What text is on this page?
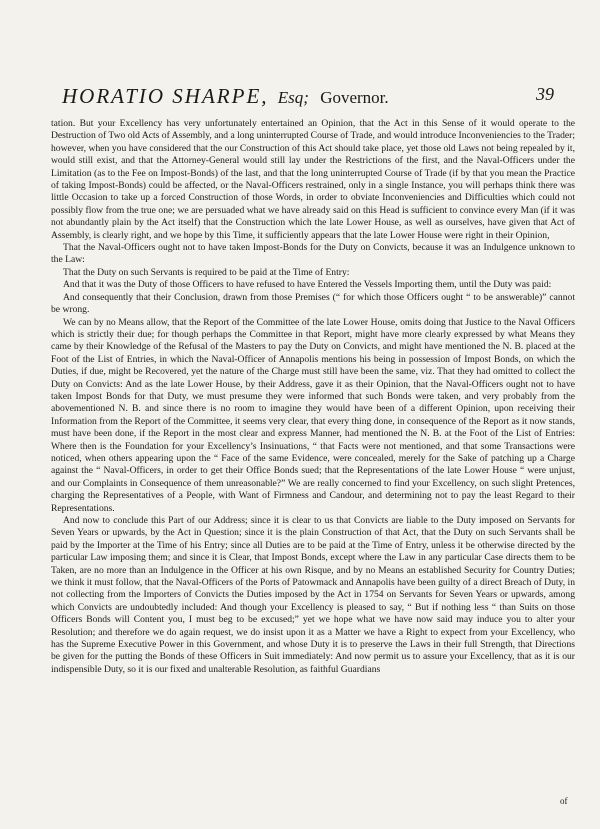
HORATIO SHARPE, Esq; Governor.	39

tation. But your Excellency has very unfortunately entertained an Opinion, that the Act in this Sense of it would operate to the Destruction of Two old Acts of Assembly, and a long uninterrupted Course of Trade, and would introduce Inconveniencies to the Trader; however, when you have considered that the our Construction of this Act should take place, yet those old Laws not being repealed by it, would still exist, and that the Attorney-General would still lay under the Restrictions of the first, and the Naval-Officers under the Limitation (as to the Fee on Impost-Bonds) of the last, and that the long uninterrupted Course of Trade (if by that you mean the Practice of taking Impost-Bonds) could be affected, or the Naval-Officers restrained, only in a single Instance, you will perhaps think there was little Occasion to take up a forced Construction of those Words, in order to obviate Inconveniencies and Difficulties which could not possibly flow from the true one; we are persuaded what we have already said on this Head is sufficient to convince every Man (if it was not abundantly plain by the Act itself) that the Construction which the late Lower House, as well as ourselves, have given that Act of Assembly, is clearly right, and we hope by this Time, it sufficiently appears that the late Lower House were right in their Opinion,

That the Naval-Officers ought not to have taken Impost-Bonds for the Duty on Convicts, because it was an Indulgence unknown to the Law:

That the Duty on such Servants is required to be paid at the Time of Entry:

And that it was the Duty of those Officers to have refused to have Entered the Vessels Importing them, until the Duty was paid:

And consequently that their Conclusion, drawn from those Premises (“ for which those Officers ought “ to be answerable)” cannot be wrong.

We can by no Means allow, that the Report of the Committee of the late Lower House, omits doing that Justice to the Naval Officers which is strictly their due; for though perhaps the Committee in that Report, might have more clearly expressed by what Means they came by their Knowledge of the Refusal of the Masters to pay the Duty on Convicts, and might have mentioned the N. B. placed at the Foot of the List of Entries, in which the Naval-Officer of Annapolis mentions his being in possession of Impost Bonds, on which the Duties, if due, might be Recovered, yet the nature of the Charge must still have been the same, viz. That they had omitted to collect the Duty on Convicts: And as the late Lower House, by their Address, gave it as their Opinion, that the Naval-Officers ought not to have taken Impost Bonds for that Duty, we must presume they were informed that such Bonds were taken, and very probably from the abovementioned N. B. and since there is no room to imagine they would have been of a different Opinion, upon receiving their Information from the Report of the Committee, it seems very clear, that every thing done, in consequence of the Report as it now stands, must have been done, if the Report in the most clear and express Manner, had mentioned the N. B. at the Foot of the List of Entries: Where then is the Foundation for your Excellency’s Insinuations, “ that Facts were not mentioned, and that some Transactions were noticed, when others appearing upon the “ Face of the same Evidence, were concealed, merely for the Sake of patching up a Charge against the “ Naval-Officers, in order to get their Office Bonds sued; that the Representations of the late Lower House “ were unjust, and our Complaints in Consequence of them unreasonable?” We are really concerned to find your Excellency, on such slight Pretences, charging the Representatives of a People, with Want of Firmness and Candour, and determining not to pay the least Regard to their Representations.

And now to conclude this Part of our Address; since it is clear to us that Convicts are liable to the Duty imposed on Servants for Seven Years or upwards, by the Act in Question; since it is the plain Construction of that Act, that the Duty on such Servants shall be paid by the Importer at the Time of his Entry; since all Duties are to be paid at the Time of Entry, unless it be otherwise directed by the particular Law imposing them; and since it is Clear, that Impost Bonds, except where the Law in any particular Case directs them to be Taken, are no more than an Indulgence in the Officer at his own Risque, and by no Means an established Security for Country Duties; we think it must follow, that the Naval-Officers of the Ports of Patowmack and Annapolis have been guilty of a direct Breach of Duty, in not collecting from the Importers of Convicts the Duties imposed by the Act in 1754 on Servants for Seven Years or upwards, among which Convicts are undoubtedly included: And though your Excellency is pleased to say, “ But if nothing less “ than Suits on those Officers Bonds will Content you, I must beg to be excused;” yet we hope what we have now said may induce you to alter your Resolution; and therefore we do again request, we do insist upon it as a Matter we have a Right to expect from your Excellency, who has the Supreme Executive Power in this Government, and whose Duty it is to preserve the Laws in their full Strength, that Directions be given for the putting the Bonds of these Officers in Suit immediately: And now permit us to assure your Excellency, that as it is our indispensible Duty, so it is our fixed and unalterable Resolution, as faithful Guardians

of
